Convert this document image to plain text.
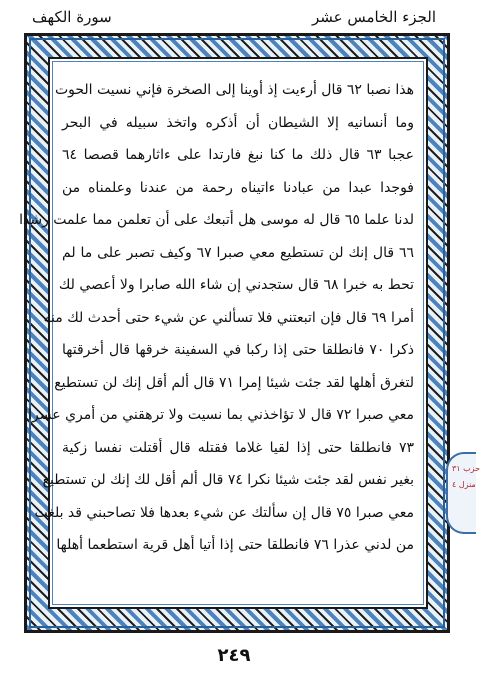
الجزء الخامس عشر
سورة الكهف
هذا نصبا ٦٢ قال أرءيت إذ أوينا إلى الصخرة فإني نسيت الحوت
وما أنسانيه إلا الشيطان أن أذكره واتخذ سبيله في البحر
عجبا ٦٣ قال ذلك ما كنا نبغ فارتدا على ءاثارهما قصصا ٦٤
فوجدا عبدا من عبادنا ءاتيناه رحمة من عندنا وعلمناه من
لدنا علما ٦٥ قال له موسى هل أتبعك على أن تعلمن مما علمت رشدا
٦٦ قال إنك لن تستطيع معي صبرا ٦٧ وكيف تصبر على ما لم
تحط به خبرا ٦٨ قال ستجدني إن شاء الله صابرا ولا أعصي لك
أمرا ٦٩ قال فإن اتبعتني فلا تسألني عن شيء حتى أحدث لك منه
ذكرا ٧٠ فانطلقا حتى إذا ركبا في السفينة خرقها قال أخرقتها
لتغرق أهلها لقد جئت شيئا إمرا ٧١ قال ألم أقل إنك لن تستطيع
معي صبرا ٧٢ قال لا تؤاخذني بما نسيت ولا ترهقني من أمري عسرا
٧٣ فانطلقا حتى إذا لقيا غلاما فقتله قال أقتلت نفسا زكية
بغير نفس لقد جئت شيئا نكرا ٧٤ قال ألم أقل لك إنك لن تستطيع
معي صبرا ٧٥ قال إن سألتك عن شيء بعدها فلا تصاحبني قد بلغت
من لدني عذرا ٧٦ فانطلقا حتى إذا أتيا أهل قرية استطعما أهلها
حزب ٣١
منزل ٤
٢٤٩
